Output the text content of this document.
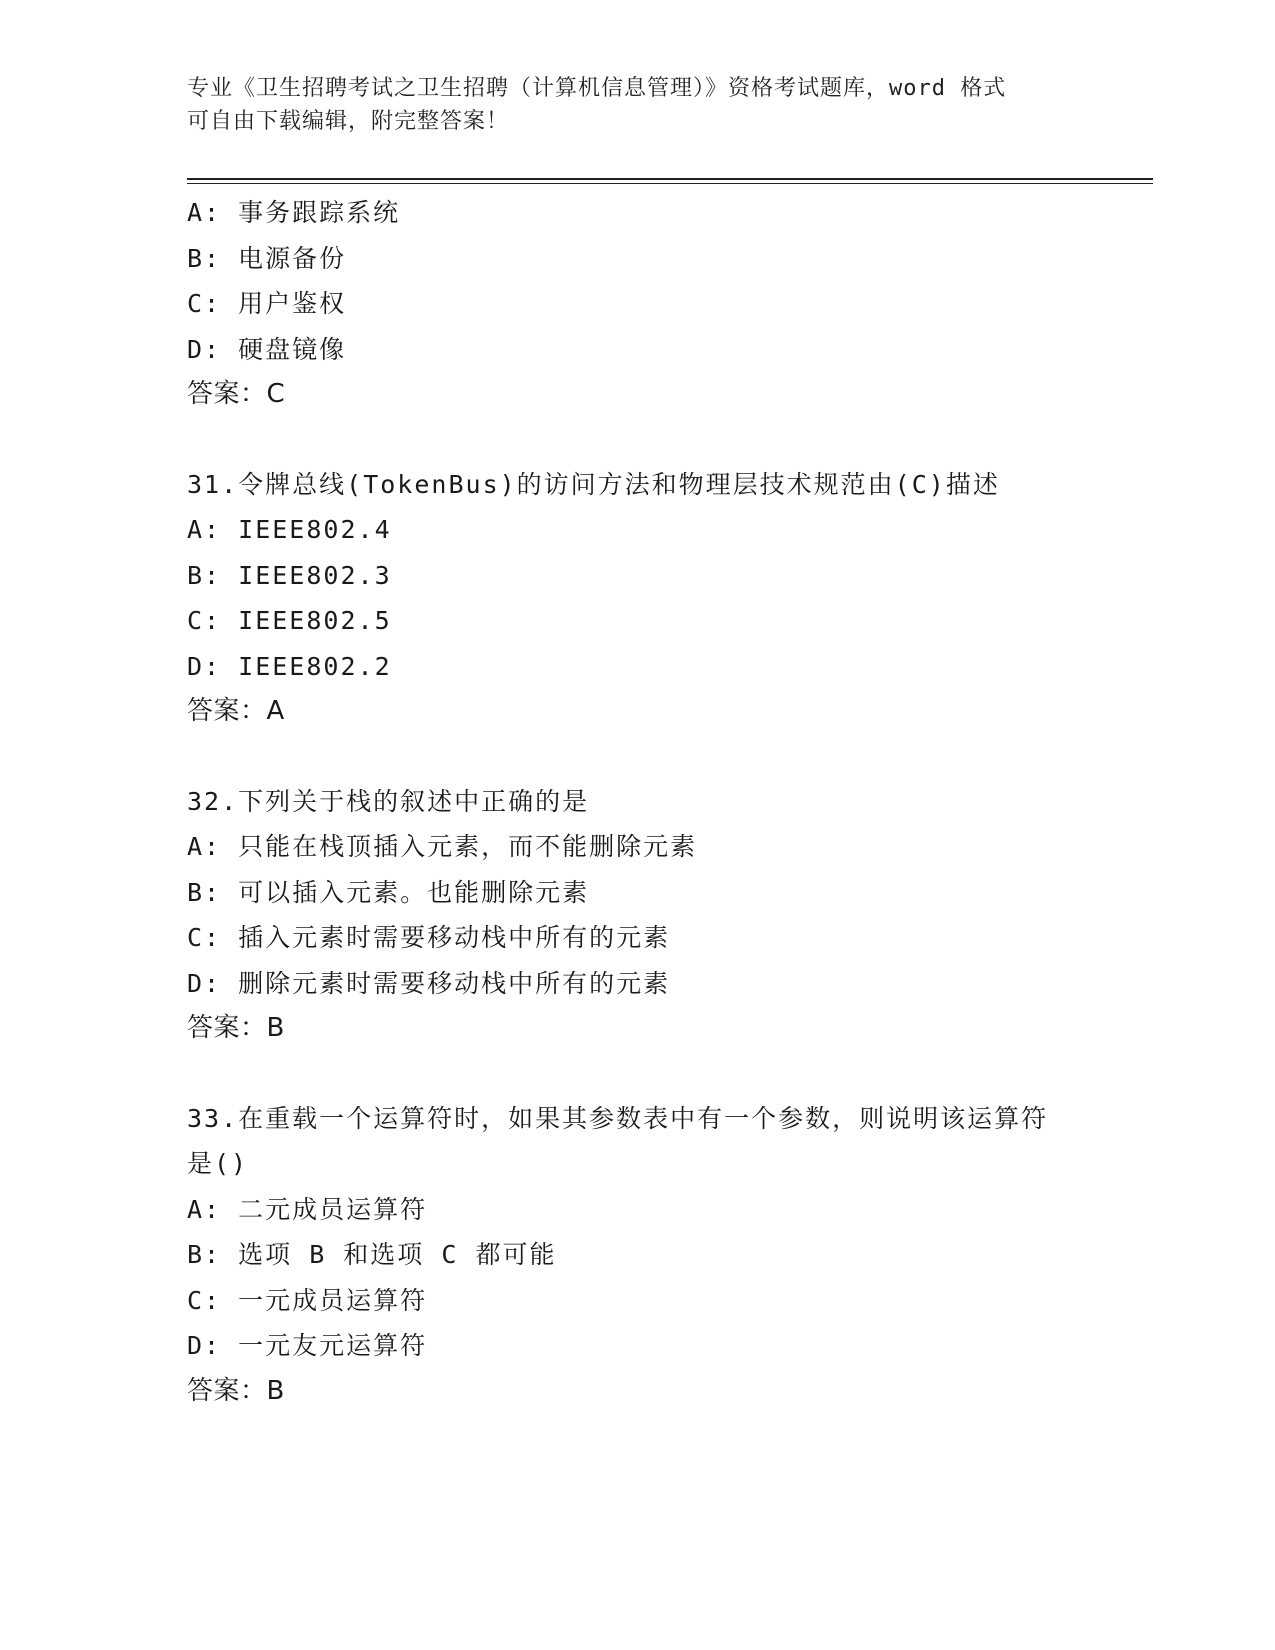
专业《卫生招聘考试之卫生招聘（计算机信息管理）》资格考试题库，word 格式
可自由下载编辑，附完整答案！
A: 事务跟踪系统
B: 电源备份
C: 用户鉴权
D: 硬盘镜像
答案：C
31.令牌总线(TokenBus)的访问方法和物理层技术规范由(C)描述
A: IEEE802.4
B: IEEE802.3
C: IEEE802.5
D: IEEE802.2
答案：A
32.下列关于栈的叙述中正确的是
A: 只能在栈顶插入元素，而不能删除元素
B: 可以插入元素。也能删除元素
C: 插入元素时需要移动栈中所有的元素
D: 删除元素时需要移动栈中所有的元素
答案：B
33.在重载一个运算符时，如果其参数表中有一个参数，则说明该运算符是()
A: 二元成员运算符
B: 选项 B 和选项 C 都可能
C: 一元成员运算符
D: 一元友元运算符
答案：B
